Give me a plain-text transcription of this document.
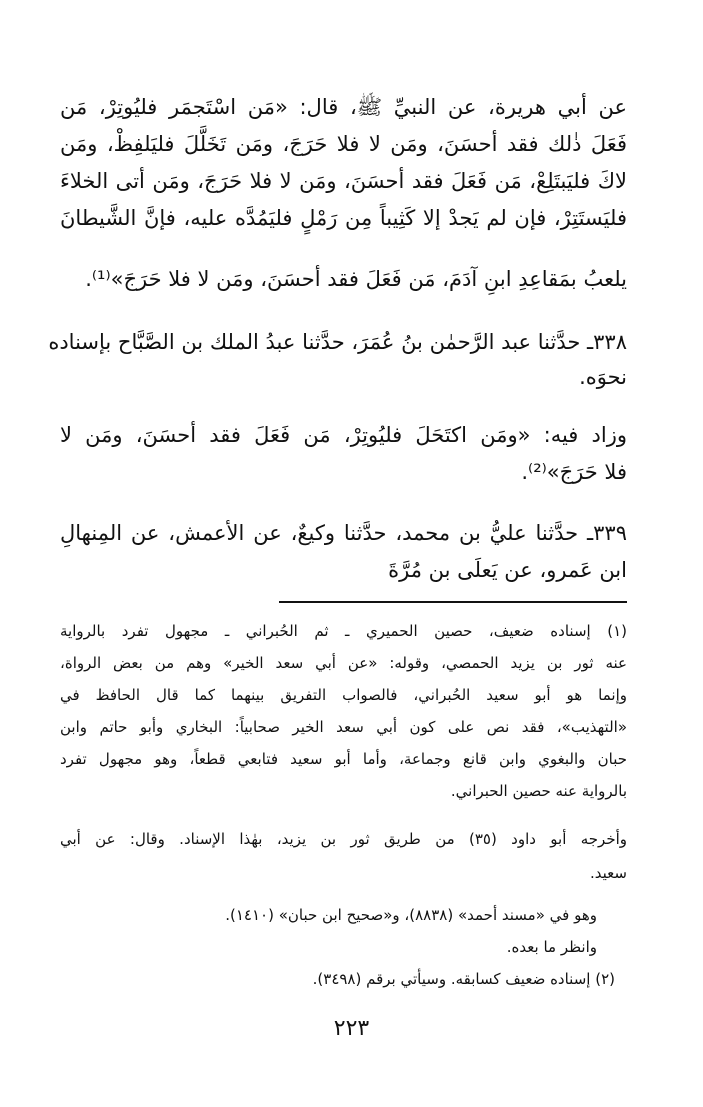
عن أبي هريرة، عن النبيِّ ﷺ، قال: «مَن اسْتَجمَر فليُوتِرْ، مَن
فَعَلَ ذٰلك فقد أحسَنَ، ومَن لا فلا حَرَجَ، ومَن تَخَلَّلَ فليَلفِظْ، ومَن
لاكَ فليَبتَلِعْ، مَن فَعَلَ فقد أحسَنَ، ومَن لا فلا حَرَجَ، ومَن أتى الخلاءَ
فليَستَتِرْ، فإن لم يَجدْ إلا كَثِيباً مِن رَمْلٍ فليَمُدَّه عليه، فإنَّ الشَّيطانَ
يلعبُ بمَقاعِدِ ابنِ آدَمَ، مَن فَعَلَ فقد أحسَنَ، ومَن لا فلا حَرَجَ»⁽¹⁾.
٣٣٨ـ حدَّثنا عبد الرَّحمٰن بنُ عُمَرَ، حدَّثنا عبدُ الملك بن الصَّبَّاح بإسناده
نحوَه.
وزاد فيه: «ومَن اكتَحَلَ فليُوتِرْ، مَن فَعَلَ فقد أحسَنَ، ومَن لا
فلا حَرَجَ»⁽²⁾.
٣٣٩ـ حدَّثنا عليُّ بن محمد، حدَّثنا وكيعٌ، عن الأعمش، عن المِنهالِ
ابن عَمرو، عن يَعلَى بن مُرَّةَ
(١) إسناده ضعيف، حصين الحميري ـ ثم الحُبراني ـ مجهول تفرد بالرواية
عنه ثور بن يزيد الحمصي، وقوله: «عن أبي سعد الخير» وهم من بعض الرواة،
وإنما هو أبو سعيد الحُبراني، فالصواب التفريق بينهما كما قال الحافظ في
«التهذيب»، فقد نص على كون أبي سعد الخير صحابياً: البخاري وأبو حاتم وابن
حبان والبغوي وابن قانع وجماعة، وأما أبو سعيد فتابعي قطعاً، وهو مجهول تفرد
بالرواية عنه حصين الحبراني.
وأخرجه أبو داود (٣٥) من طريق ثور بن يزيد، بهٰذا الإسناد. وقال: عن أبي
سعيد.
وهو في «مسند أحمد» (٨٨٣٨)، و«صحيح ابن حبان» (١٤١٠).
وانظر ما بعده.
(٢) إسناده ضعيف كسابقه. وسيأتي برقم (٣٤٩٨).
٢٢٣
